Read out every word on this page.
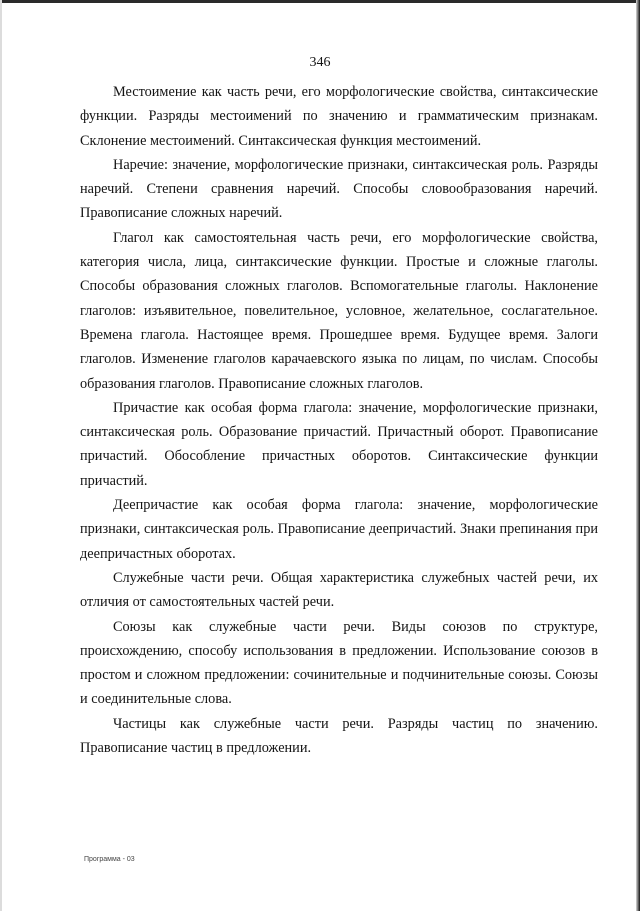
346

Местоимение как часть речи, его морфологические свойства, синтаксические функции. Разряды местоимений по значению и грамматическим признакам. Склонение местоимений. Синтаксическая функция местоимений.

Наречие: значение, морфологические признаки, синтаксическая роль. Разряды наречий. Степени сравнения наречий. Способы словообразования наречий. Правописание сложных наречий.

Глагол как самостоятельная часть речи, его морфологические свойства, категория числа, лица, синтаксические функции. Простые и сложные глаголы. Способы образования сложных глаголов. Вспомогательные глаголы. Наклонение глаголов: изъявительное, повелительное, условное, желательное, сослагательное. Времена глагола. Настоящее время. Прошедшее время. Будущее время. Залоги глаголов. Изменение глаголов карачаевского языка по лицам, по числам. Способы образования глаголов. Правописание сложных глаголов.

Причастие как особая форма глагола: значение, морфологические признаки, синтаксическая роль. Образование причастий. Причастный оборот. Правописание причастий. Обособление причастных оборотов. Синтаксические функции причастий.

Деепричастие как особая форма глагола: значение, морфологические признаки, синтаксическая роль. Правописание деепричастий. Знаки препинания при деепричастных оборотах.

Служебные части речи. Общая характеристика служебных частей речи, их отличия от самостоятельных частей речи.

Союзы как служебные части речи. Виды союзов по структуре, происхождению, способу использования в предложении. Использование союзов в простом и сложном предложении: сочинительные и подчинительные союзы. Союзы и соединительные слова.

Частицы как служебные части речи. Разряды частиц по значению. Правописание частиц в предложении.

Программа - 03
